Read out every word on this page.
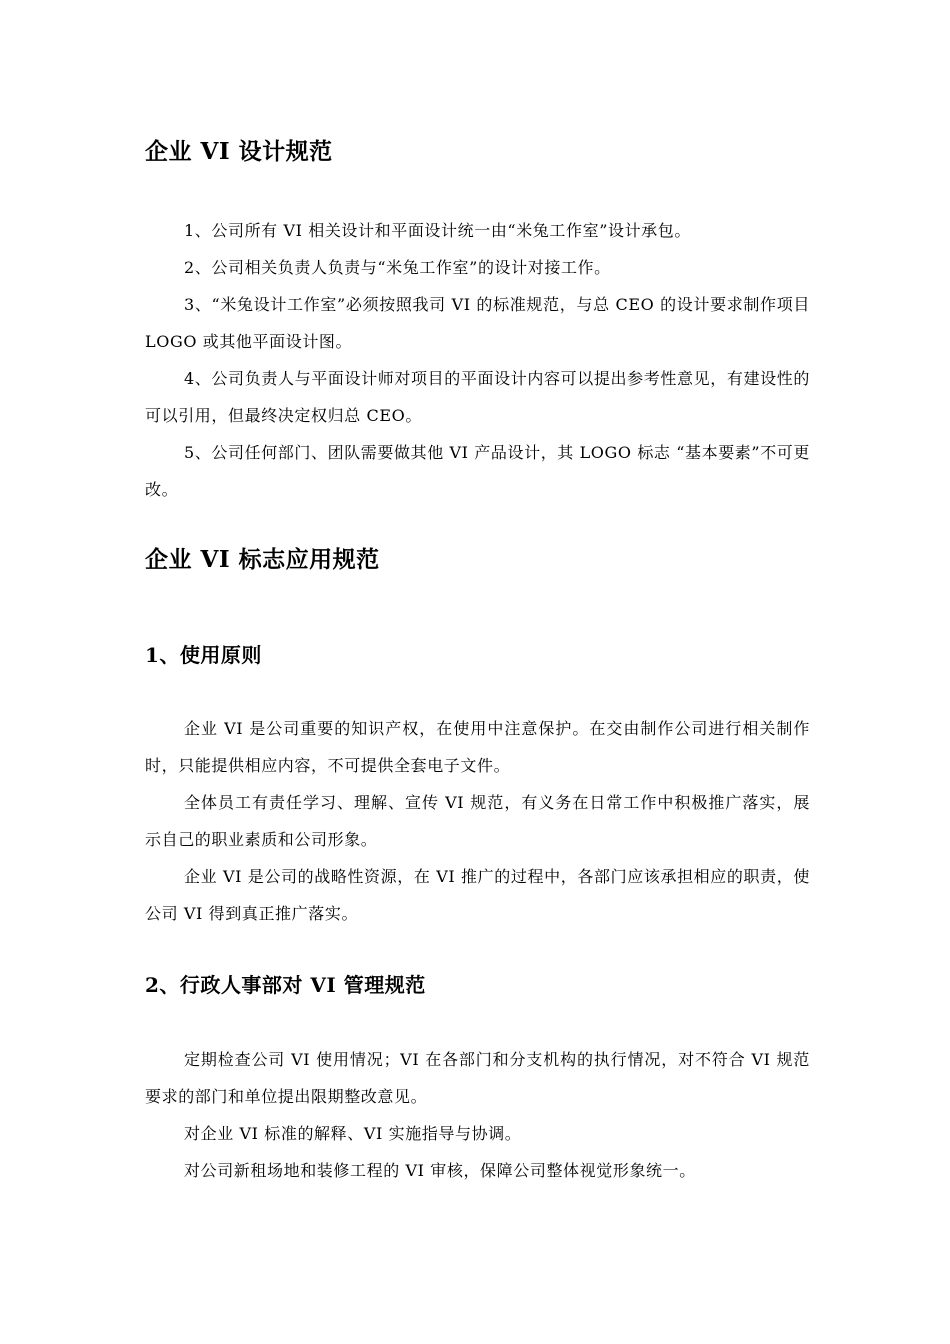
企业 VI 设计规范
1、公司所有 VI 相关设计和平面设计统一由“米兔工作室”设计承包。
2、公司相关负责人负责与“米兔工作室”的设计对接工作。
3、“米兔设计工作室”必须按照我司 VI 的标准规范，与总 CEO 的设计要求制作项目 LOGO 或其他平面设计图。
4、公司负责人与平面设计师对项目的平面设计内容可以提出参考性意见，有建设性的可以引用，但最终决定权归总 CEO。
5、公司任何部门、团队需要做其他 VI 产品设计，其 LOGO 标志 “基本要素”不可更改。
企业 VI 标志应用规范
1、使用原则
企业 VI 是公司重要的知识产权，在使用中注意保护。在交由制作公司进行相关制作时，只能提供相应内容，不可提供全套电子文件。
全体员工有责任学习、理解、宣传 VI 规范，有义务在日常工作中积极推广落实，展示自己的职业素质和公司形象。
企业 VI 是公司的战略性资源，在 VI 推广的过程中，各部门应该承担相应的职责，使公司 VI 得到真正推广落实。
2、行政人事部对 VI 管理规范
定期检查公司 VI 使用情况；VI 在各部门和分支机构的执行情况，对不符合 VI 规范要求的部门和单位提出限期整改意见。
对企业 VI 标准的解释、VI 实施指导与协调。
对公司新租场地和装修工程的 VI 审核，保障公司整体视觉形象统一。
